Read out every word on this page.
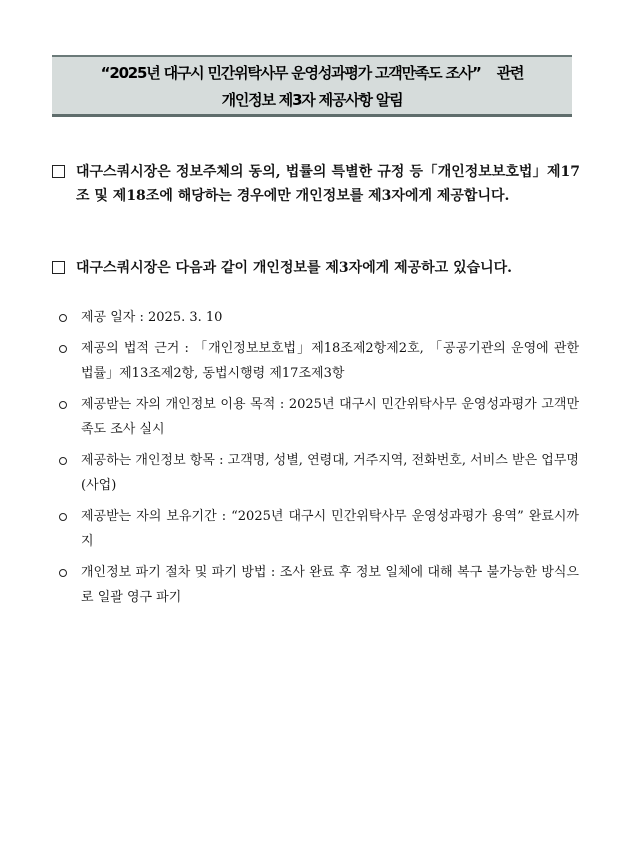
“2025년 대구시 민간위탁사무 운영성과평가 고객만족도 조사” 관련
개인정보 제3자 제공사항 알림
대구스쿼시장은 정보주체의 동의, 법률의 특별한 규정 등「개인정보보호법」제17조 및 제18조에 해당하는 경우에만 개인정보를 제3자에게 제공합니다.
대구스쿼시장은 다음과 같이 개인정보를 제3자에게 제공하고 있습니다.
제공 일자 : 2025. 3. 10
제공의 법적 근거 : 「개인정보보호법」제18조제2항제2호, 「공공기관의 운영에 관한 법률」제13조제2항, 동법시행령 제17조제3항
제공받는 자의 개인정보 이용 목적 : 2025년 대구시 민간위탁사무 운영성과평가 고객만족도 조사 실시
제공하는 개인정보 항목 : 고객명, 성별, 연령대, 거주지역, 전화번호, 서비스 받은 업무명(사업)
제공받는 자의 보유기간 : “2025년 대구시 민간위탁사무 운영성과평가 용역” 완료시까지
개인정보 파기 절차 및 파기 방법 : 조사 완료 후 정보 일체에 대해 복구 불가능한 방식으로 일괄 영구 파기
